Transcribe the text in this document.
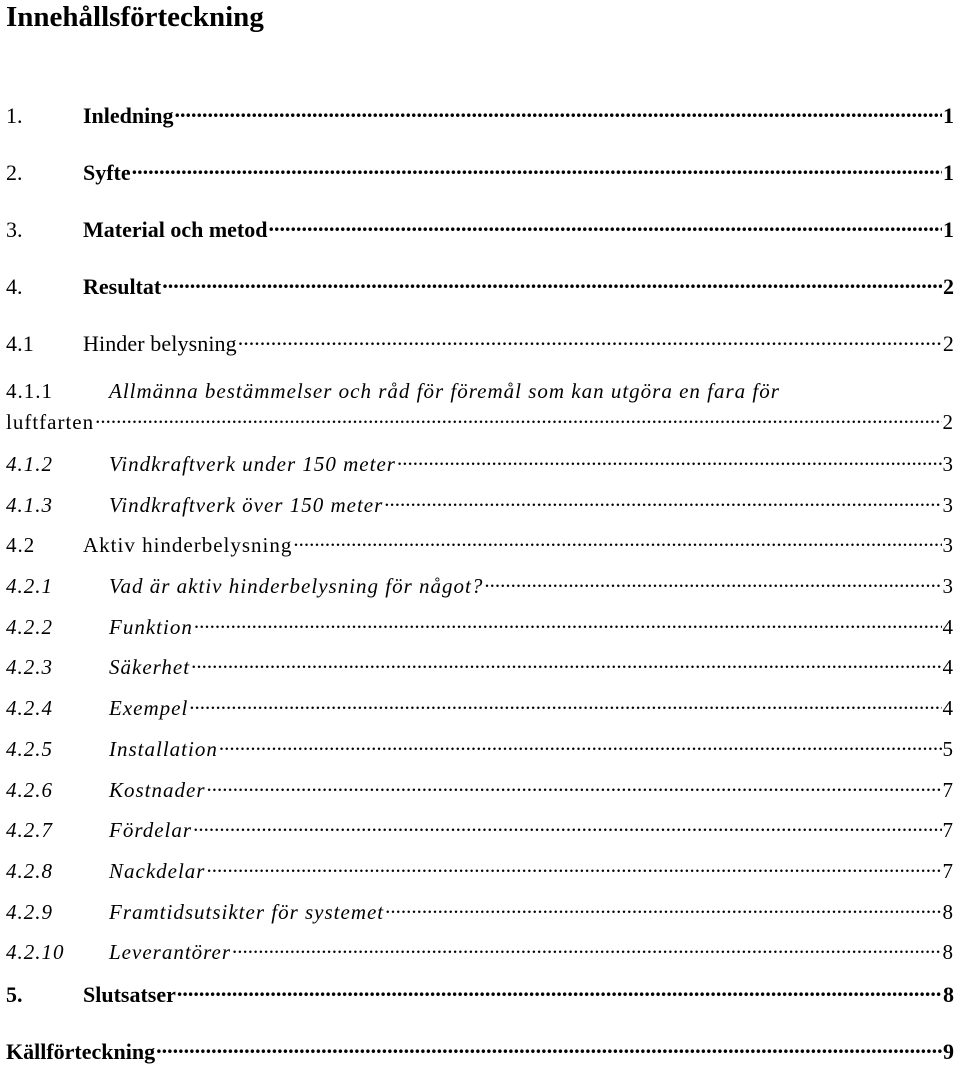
Innehållsförteckning
1.	Inledning .....	1
2.	Syfte .....	1
3.	Material och metod .....	1
4.	Resultat .....	2
4.1	Hinder belysning .....	2
4.1.1	Allmänna bestämmelser och råd för föremål som kan utgöra en fara för
luftfarten .....	2
4.1.2	Vindkraftverk under 150 meter .....	3
4.1.3	Vindkraftverk över 150 meter .....	3
4.2	Aktiv hinderbelysning .....	3
4.2.1	Vad är aktiv hinderbelysning för något? .....	3
4.2.2	Funktion .....	4
4.2.3	Säkerhet .....	4
4.2.4	Exempel .....	4
4.2.5	Installation .....	5
4.2.6	Kostnader .....	7
4.2.7	Fördelar .....	7
4.2.8	Nackdelar .....	7
4.2.9	Framtidsutsikter för systemet .....	8
4.2.10	Leverantörer .....	8
5.	Slutsatser .....	8
Källförteckning .....	9
